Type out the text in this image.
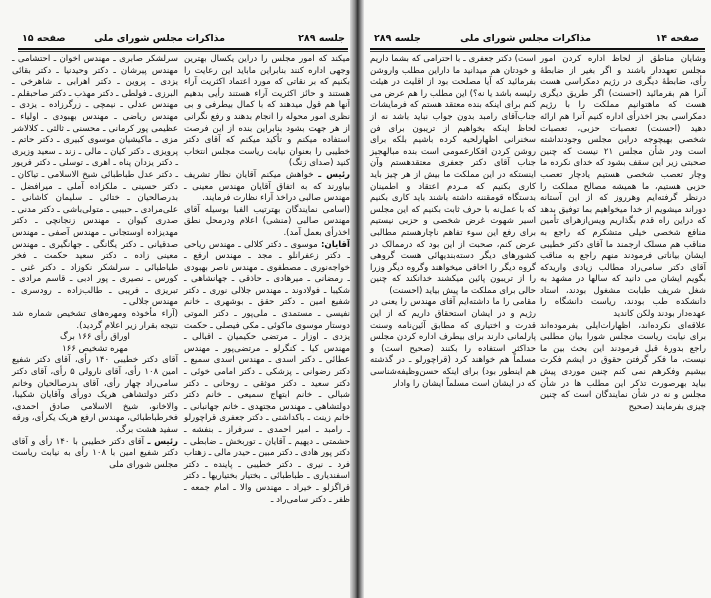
جلسه ۲۸۹
مذاکرات مجلس شورای ملی
صفحه ۱۵

میکند که امور مجلس را دراین یکسال بهترین وجهی اداره کنند بنابراین ماباید این رعایت را بکنیم که بر نقاتی که مورد اعتماد اکثریت آراء هستند و حائز اکثریت آراء هستند رأیی بدهیم آنها هم قول میدهند که با کمال بیطرفی و بی نظری امور محوله را انجام بدهند و رفع نگرانی از هر جهت بشود بنابراین بنده از این فرصت استفاده میکنم و تأکید میکنم که آقای دکتر خطیبی را بعنوان نیابت ریاست مجلس انتخاب کنید (صدای زنگ)

رئیس ـ خواهش میکنم آقایان نظار تشریف بیاورند که به اتفاق آقایان مهندس معینی ـ مهندس صالبی دراخذ آراء نظارت فرمایند.

(اسامی نمایندگان بهترتیب الفبا بوسیله آقای مهندس صالبی (منشی) اعلام ودرمحل نطق اخذرأی بعمل آمد).

آقایان: موسوی ـ دکتر کلالی ـ مهندس ریاحی ـ دکتر زعفرانلو ـ مجد ـ مهندس ارفع ـ خواجه‌نوری ـ مصطفوی ـ مهندس ناصر بهبودی ـ رمضانی ـ میرهادی ـ حاذقی ـ جهانشاهی ـ شکیبا ـ فولادوند ـ مهندس جلالی نوری ـ دکتر شفیع امین ـ دکتر حقق ـ بوشهری ـ خانم نفیسی ـ مستمدی ـ ملی‌پور ـ دکتر الموتی دوستار موسوی ماکوئی ـ مکی فیصلی ـ حکمت یزدی ـ اوزار ـ مرتضی حکیمیان ـ اقبالی ـ مهندس کیا ـ کنگرلو ـ مرتضی‌پور ـ مهندس عطائی ـ دکتر اسدی ـ مهندس اسدی سمیع ـ دکتر رضوانی ـ پزشکی ـ دکتر امامی خوئی ـ دکتر سعید ـ دکتر موثقی ـ روحانی ـ دکتر شبالی ـ خانم ابتهاج سمیعی ـ خانم دکتر دولتشاهی ـ مهندس مجتهدی ـ خانم جهانبانی ـ خانم زینت ـ باکداشتی ـ دکتر جعفری قراچورلو ـ رامبد ـ امیر احمدی ـ سرفراز ـ بنفشه ـ حشمتی ـ دیهیم ـ آقایان ـ توربخش ـ ضابطی ـ دکتر پور هادی ـ دکتر مبین ـ حیدر مالی ـ زهتاب فرد ـ نیری ـ دکتر خطیبی ـ پاینده ـ دکتر اسفندیاری ـ طباطبائی ـ بختیار بختیاریها ـ دکتر قراگزلو ـ خیراد ـ مهندس والا ـ امام جمعه ـ ظفر ـ دکتر سامی‌راد ـ

سرلشکر صابری ـ مهندس اخوان ـ احتشامی ـ مهندس پیرشان ـ دکتر وحیدنیا ـ دکتر بقائی یزدی ـ پروین ـ دکتر اهرابی ـ شاهرخی ـ البرزی ـ فولطی ـ دکتر مهذب ـ دکتر صاحبقلم ـ مهندس عدلی ـ نیمچی ـ زرگرزاده ـ یزدی ـ مهندس ریاضی ـ مهندس بهبودی ـ اولیاء ـ عظیمی پور کرمانی ـ محسنی ـ ثالثی ـ کلالاشر مزی ـ ماکیشیان موسوی کبیری ـ دکتر حاتم ـ پرویزی ـ دکتر کیان ـ مالی ـ زند ـ سعید وزیری ـ دکتر یزدان پناه ـ اهری ـ توسلی ـ دکتر فریور ـ دکتر عدل طباطبائی شیخ الاسلامی ـ تیاکان ـ دکتر حسینی ـ ملکزاده آملی ـ میرافضل ـ بدرصالحیان ـ ختائی ـ سلیمان کاشانی ـ علی‌مرادی ـ حبیبی ـ متولی‌باشی ـ دکتر مدنی ـ صدری کیوان ـ مهندس زنجانچی ـ دکتر مهدیزاده اوستجانی ـ مهندس آصفی ـ مهندس صدقیانی ـ دکتر یگانگی ـ جهانگیری ـ مهندس معینی زاده ـ دکتر سعید حکمت ـ فخر طباطبائی ـ سرلشکر نکوزاد ـ دکتر غنی ـ کورس ـ نصیری ـ پور ادبی ـ قاسم مرادی ـ تبریزی ـ فریبی ـ طالب‌زاده ـ رودسری ـ مهندس جلالی ـ

(آراء مأخوذه ومهره‌های تشخیص شماره شد نتیجه بقرار زیر اعلام گردید).

اوراق رأی ۱۶۶ برگ

مهره تشخیص ۱۶۶

آقای دکتر خطیبی ۱۴۰ رأی، آقای دکتر شفیع امین ۱۰۸ رأی، آقای نارولی ۵ رأی، آقای دکتر سامی‌راد چهار رأی، آقای بدرصالحیان وخانم دکتر دولتشاهی هریک دورأی وآقایان شکیبا، والاخانو، شیخ الاسلامی صادق احمدی، فخرطباطبائی، مهندس ارفع هریک یکرأی، ورقه سفید هشت برگ.

رئیس ـ آقای دکتر خطیبی با ۱۴۰ رأی و آقای دکتر شفیع امین با ۱۰۸ رأی به نیابت ریاست مجلس شورای ملی

صفحه ۱۴
مذاکرات مجلس شورای ملی
جلسه ۲۸۹

وشایان مناطق از لحاظ اداره کردن امور مجلس تعهددار باشند و اگر بغیر از ضابطهٔ رأی، ضابطهٔ دیگری در رژیم دمکراسی هست آنرا هم بفرمائید (احسنت) اگر طریق دیگری هست که ماهتوانیم مملکت را با رژیم دمکراسی بجز اخذرأی اداره کنیم آنرا هم ارائه دهید (احسنت) تعصبات حزبی، تعصبات شخصی بهیچوجه دراین مجلس وجودنداشته است ودر شأن مجلس ۲۱ نیست که چنین صحبتی زیر این سقف بشود که خدای نکرده ما وچار تعصب شخصی هستیم یادچار تعصب حزبی هستیم، ما همیشه مصالح مملکت را درنظر گرفته‌ایم وهرروز که از این آستانه دوراند میشویم از خدا میخواهیم بما توفیق بدهد که دراین راه قدم بگذاریم ویس‌ازهرای تأمین منافع شخصی خیلی متشکرم که راجع به مناقب هم مسلک ارجمند ما آقای دکتر خطیبی ایشان بیاناتی فرمودند منهم راجع به مناقب آقای دکتر سامی‌راد مطالب زیادی واریدکه بگویم ایشان می دانید که سالها در مشهد به شغل شریف طبابت مشغول بودند، استاد دانشکده طب بودند، ریاست دانشگاه را عهده‌دار بودند ولکن کاندید

علاقه‌ای نکرده‌اند، اظهارات‌ایلی بفرموده‌اند برای نیابت ریاست مجلس شورا بیان مطلبی راجع بدورهٔ قبل فرمودند این بحث بین ما نیست، ما فکر گرفتن حقوق در ایشم فکرت بیشیم وفکرهم نمی کنم چنین موردی پیش بیاید بهرصورت تذکر این مطلب ها در شأن مجلس و نه در شأن نمایندگان است که چنین چیزی بفرمایند (صحیح

است) دکتر جعفری ـ با احترامی که بشما داریم و خودتان هم میدانید ما داراین مطلب واروشن بفرمائید که آیا مصلحت بود از اقلیت در هیئت رئیسه باشد یا نه؟) این مطلب را هم عرض می کنم برای اینکه بنده معتقد هستم که فرمایشات جناب‌آقای رامبد بدون جواب نباید باشد نه از لحاظ اینکه بخواهیم از تریبون برای فن سخنرانی اظهارلحیه کرده باشیم بلکه برای روشن کردن افکارعمومی است بنده مبالهجیز جناب آقای دکتر جعفری معتقدهستم وآن اینستکه در این مملکت ما بیش از هر چیز باید کاری بکنیم که مـردم اعتقاد و اطمینان بدستگاه قومقننه داشته باشند باید کاری بکنیم که با عمل‌نه با حرف ثابت بکنیم که این مجلس اسیر شهوت غرض شخصی و حزبی نیستیم برای رفع این سوء تفاهم ناچارهستم مطالبی عرض کنم، صحبت از این بود که درممالک در کشورهای دیگر دسته‌بندیهائی هست گروهی گروه دیگر را اخافی میخواهند وگروه دیگر وزرا را از تریبون پائین میکشند خدانکند که چنین حالی برای مملکت ما پیش بیاید (احسنت)

مقامی را ما داشته‌ایم آقای مهندس را یعنی در رژیم و در ایشان استحقاق داریم که از این قدرت و اختیاری که مطابق آئین‌نامه وسنت پارلمانی دارند برای بیطرف اداره کردن مجلس حداکثر استفاده را بکنند (صحیح است) و مسلماً هم خواهند کرد (قراچورلو ـ در گذشته هم اینطور بود) برای اینکه حسن‌وظیفه‌شناسی که در ایشان است مسلماً ایشان را وادار
